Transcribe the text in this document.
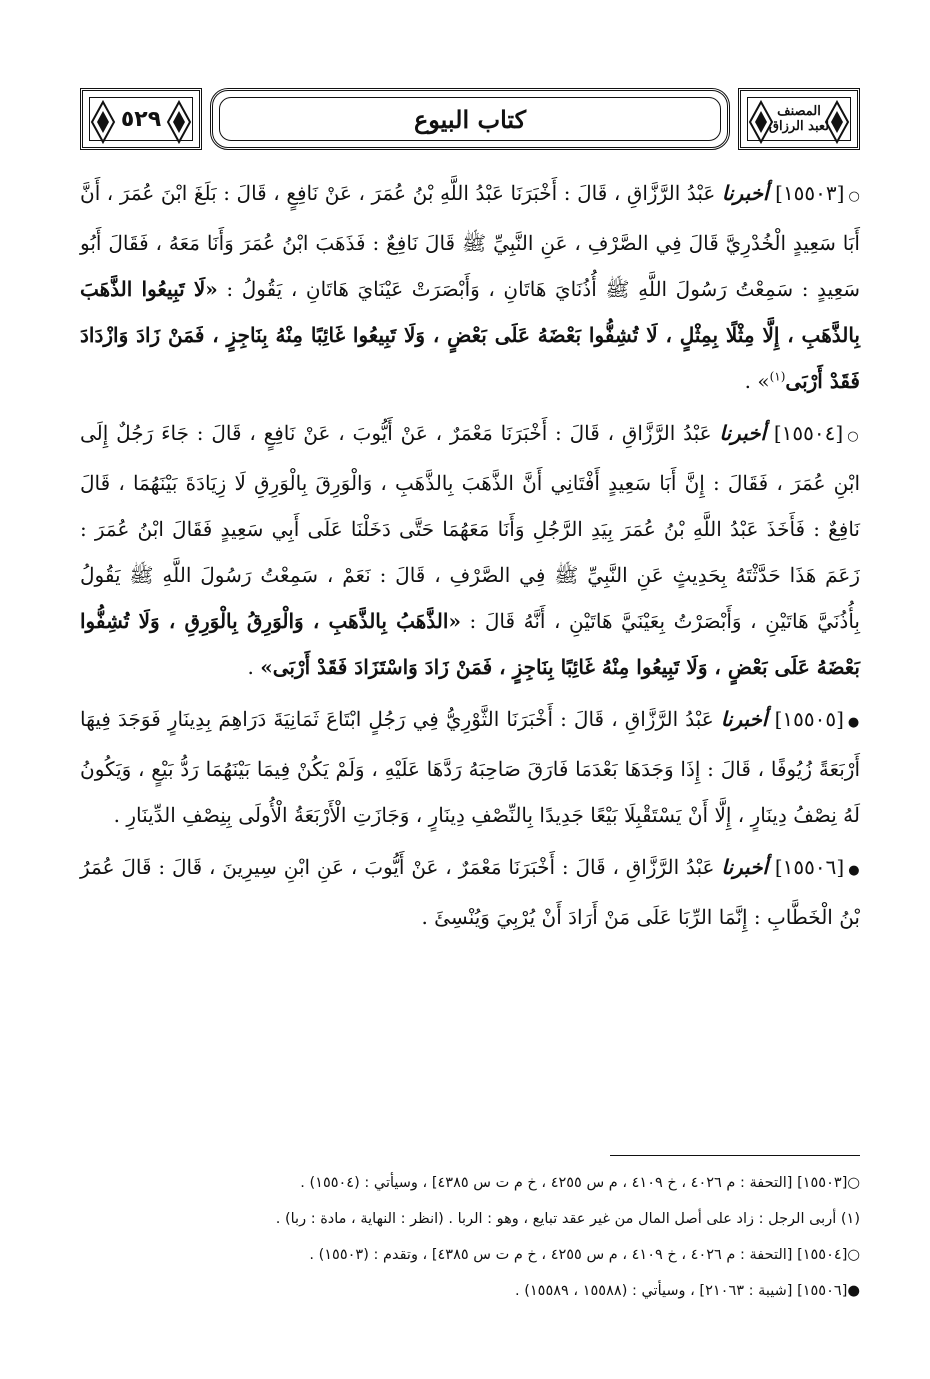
المصنف
لعبد الرزاق
كتاب البيوع
٥٢٩

○[١٥٥٠٣] أخبرنا عَبْدُ الرَّزَّاقِ ، قَالَ : أَخْبَرَنَا عَبْدُ اللَّهِ بْنُ عُمَرَ ، عَنْ نَافِعٍ ، قَالَ : بَلَغَ ابْنَ عُمَرَ ، أَنَّ أَبَا سَعِيدٍ الْخُدْرِيَّ قَالَ فِي الصَّرْفِ ، عَنِ النَّبِيِّ ﷺ قَالَ نَافِعٌ : فَذَهَبَ ابْنُ عُمَرَ وَأَنَا مَعَهُ ، فَقَالَ أَبُو سَعِيدٍ : سَمِعْتُ رَسُولَ اللَّهِ ﷺ أُذُنَايَ هَاتَانِ ، وَأَبْصَرَتْ عَيْنَايَ هَاتَانِ ، يَقُولُ : «لَا تَبِيعُوا الذَّهَبَ بِالذَّهَبِ ، إِلَّا مِثْلًا بِمِثْلٍ ، لَا تُشِفُّوا بَعْضَهُ عَلَى بَعْضٍ ، وَلَا تَبِيعُوا غَائِبًا مِنْهُ بِنَاجِزٍ ، فَمَنْ زَادَ وَازْدَادَ فَقَدْ أَرْبَى$^{(١)}$» .

○[١٥٥٠٤] أخبرنا عَبْدُ الرَّزَّاقِ ، قَالَ : أَخْبَرَنَا مَعْمَرٌ ، عَنْ أَيُّوبَ ، عَنْ نَافِعٍ ، قَالَ : جَاءَ رَجُلٌ إِلَى ابْنِ عُمَرَ ، فَقَالَ : إِنَّ أَبَا سَعِيدٍ أَفْتَانِي أَنَّ الذَّهَبَ بِالذَّهَبِ ، وَالْوَرِقَ بِالْوَرِقِ لَا زِيَادَةَ بَيْنَهُمَا ، قَالَ نَافِعٌ : فَأَخَذَ عَبْدُ اللَّهِ بْنُ عُمَرَ بِيَدِ الرَّجُلِ وَأَنَا مَعَهُمَا حَتَّى دَخَلْنَا عَلَى أَبِي سَعِيدٍ فَقَالَ ابْنُ عُمَرَ : زَعَمَ هَذَا حَدَّثْتَهُ بِحَدِيثٍ عَنِ النَّبِيِّ ﷺ فِي الصَّرْفِ ، قَالَ : نَعَمْ ، سَمِعْتُ رَسُولَ اللَّهِ ﷺ يَقُولُ بِأُذُنَيَّ هَاتَيْنِ ، وَأَبْصَرْتُ بِعَيْنَيَّ هَاتَيْنِ ، أَنَّهُ قَالَ : «الذَّهَبُ بِالذَّهَبِ ، وَالْوَرِقُ بِالْوَرِقِ ، وَلَا تُشِفُّوا بَعْضَهُ عَلَى بَعْضٍ ، وَلَا تَبِيعُوا مِنْهُ غَائِبًا بِنَاجِزٍ ، فَمَنْ زَادَ وَاسْتَزَادَ فَقَدْ أَرْبَى» .

●[١٥٥٠٥] أخبرنا عَبْدُ الرَّزَّاقِ ، قَالَ : أَخْبَرَنَا الثَّوْرِيُّ فِي رَجُلٍ ابْتَاعَ ثَمَانِيَةَ دَرَاهِمَ بِدِينَارٍ فَوَجَدَ فِيهَا أَرْبَعَةً زُيُوفًا ، قَالَ : إِذَا وَجَدَهَا بَعْدَمَا فَارَقَ صَاحِبَهُ رَدَّهَا عَلَيْهِ ، وَلَمْ يَكُنْ فِيمَا بَيْنَهُمَا رَدُّ بَيْعٍ ، وَيَكُونُ لَهُ نِصْفُ دِينَارٍ ، إِلَّا أَنْ يَسْتَقْبِلَا بَيْعًا جَدِيدًا بِالنِّصْفِ دِينَارٍ ، وَجَازَتِ الْأَرْبَعَةُ الْأُولَى بِنِصْفِ الدِّينَارِ .

●[١٥٥٠٦] أخبرنا عَبْدُ الرَّزَّاقِ ، قَالَ : أَخْبَرَنَا مَعْمَرٌ ، عَنْ أَيُّوبَ ، عَنِ ابْنِ سِيرِينَ ، قَالَ : قَالَ عُمَرُ بْنُ الْخَطَّابِ : إِنَّمَا الرِّبَا عَلَى مَنْ أَرَادَ أَنْ يُرْبِيَ وَيُنْسِئَ .

○[١٥٥٠٣] [التحفة : م ٤٠٢٦ ، خ ٤١٠٩ ، م س ٤٢٥٥ ، خ م ت س ٤٣٨٥] ، وسيأتي : (١٥٥٠٤) .
(١) أربى الرجل : زاد على أصل المال من غير عقد تبايع ، وهو : الربا . (انظر : النهاية ، مادة : ربا) .
○[١٥٥٠٤] [التحفة : م ٤٠٢٦ ، خ ٤١٠٩ ، م س ٤٢٥٥ ، خ م ت س ٤٣٨٥] ، وتقدم : (١٥٥٠٣) .
●[١٥٥٠٦] [شيبة : ٢١٠٦٣] ، وسيأتي : (١٥٥٨٨ ، ١٥٥٨٩) .
